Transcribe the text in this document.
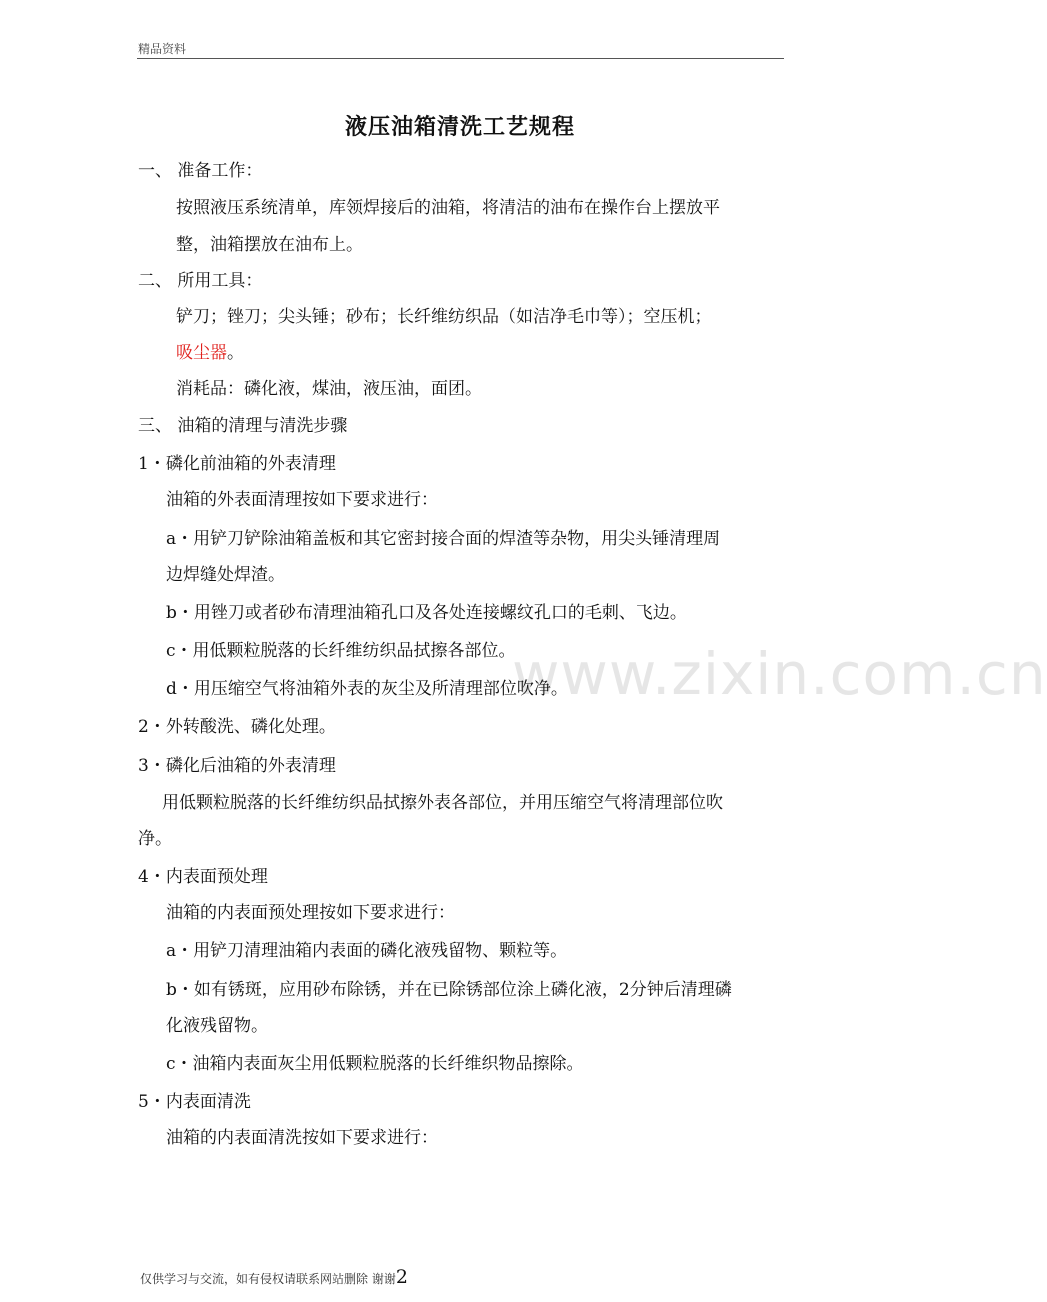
精品资料
www.zixin.com.cn
液压油箱清洗工艺规程
一、 准备工作：
按照液压系统清单，库领焊接后的油箱，将清洁的油布在操作台上摆放平
整，油箱摆放在油布上。
二、 所用工具：
铲刀；锉刀；尖头锤；砂布；长纤维纺织品（如洁净毛巾等）；空压机；
吸尘器。
消耗品：磷化液，煤油，液压油，面团。
三、 油箱的清理与清洗步骤
1・磷化前油箱的外表清理
油箱的外表面清理按如下要求进行：
a・用铲刀铲除油箱盖板和其它密封接合面的焊渣等杂物，用尖头锤清理周
边焊缝处焊渣。
b・用锉刀或者砂布清理油箱孔口及各处连接螺纹孔口的毛刺、飞边。
c・用低颗粒脱落的长纤维纺织品拭擦各部位。
d・用压缩空气将油箱外表的灰尘及所清理部位吹净。
2・外转酸洗、磷化处理。
3・磷化后油箱的外表清理
用低颗粒脱落的长纤维纺织品拭擦外表各部位，并用压缩空气将清理部位吹
净。
4・内表面预处理
油箱的内表面预处理按如下要求进行：
a・用铲刀清理油箱内表面的磷化液残留物、颗粒等。
b・如有锈斑，应用砂布除锈，并在已除锈部位涂上磷化液，2分钟后清理磷
化液残留物。
c・油箱内表面灰尘用低颗粒脱落的长纤维织物品擦除。
5・内表面清洗
油箱的内表面清洗按如下要求进行：
仅供学习与交流，如有侵权请联系网站删除 谢谢2
